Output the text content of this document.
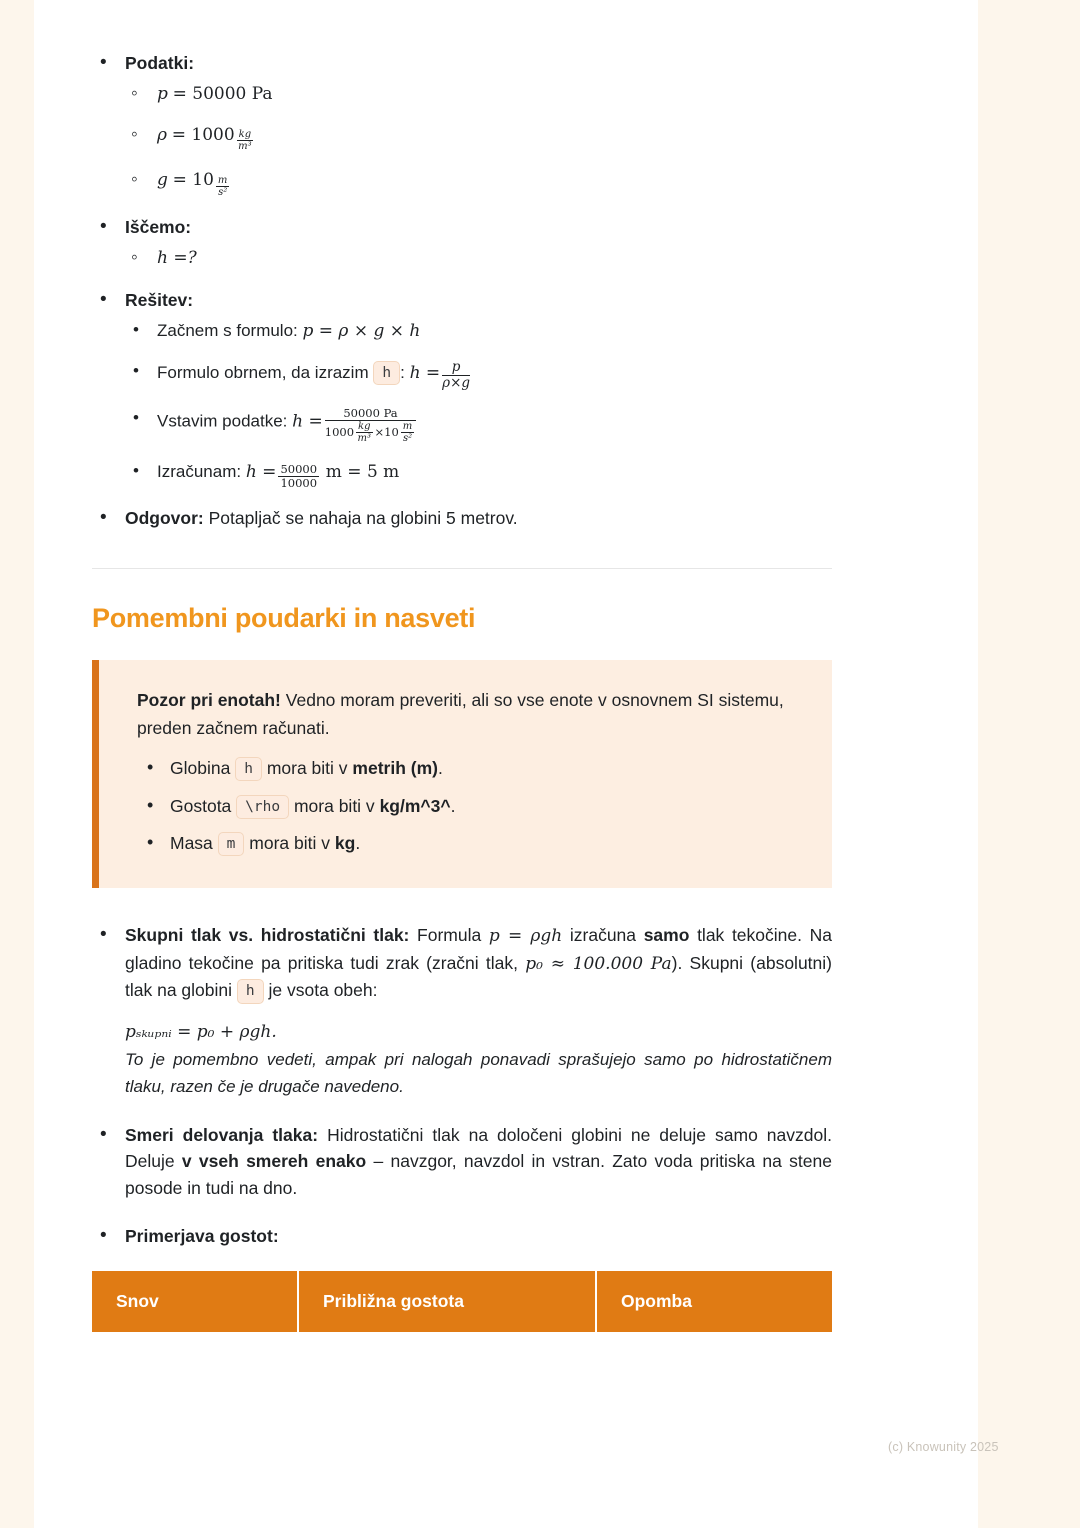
• Podatki:
◦ p = 50000 Pa
◦ $\rho = 1000 \frac{kg}{\text{m³}}$
◦ $g = 10 \frac{m}{\text{s²}}$
• Iščemo:
◦ h =?
• Rešitev:
• Začnem s formulo: p = ρ × g × h
• Formulo obrnem, da izrazim h : $h = \frac{p}{\rho\times g}$
• Vstavim podatke: $h = \frac{50000 Pa}{1000 \frac{kg}{\text{m³}} \times 10 \frac{m}{\text{s²}}}$
• Izračunam: $h = \frac{50000}{10000}$ m = 5 m
• Odgovor: Potapljač se nahaja na globini 5 metrov.
Pomembni poudarki in nasveti
Pozor pri enotah! Vedno moram preveriti, ali so vse enote v osnovnem SI sistemu, preden začnem računati.
• Globina h mora biti v metrih (m).
• Gostota \rho mora biti v kg/m^3^.
• Masa m mora biti v kg.
• Skupni tlak vs. hidrostatični tlak: Formula p = ρgh izračuna samo tlak tekočine. Na gladino tekočine pa pritiska tudi zrak (zračni tlak, p₀ ≈ 100.000 Pa). Skupni (absolutni) tlak na globini h je vsota obeh:
pₛₖᵤₚₙᵢ = p₀ + ρgh.
To je pomembno vedeti, ampak pri nalogah ponavadi sprašujejo samo po hidrostatičnem tlaku, razen če je drugače navedeno.
• Smeri delovanja tlaka: Hidrostatični tlak na določeni globini ne deluje samo navzdol. Deluje v vseh smereh enako – navzgor, navzdol in vstran. Zato voda pritiska na stene posode in tudi na dno.
• Primerjava gostot:
Snov	Približna gostota	Opomba
(c) Knowunity 2025
